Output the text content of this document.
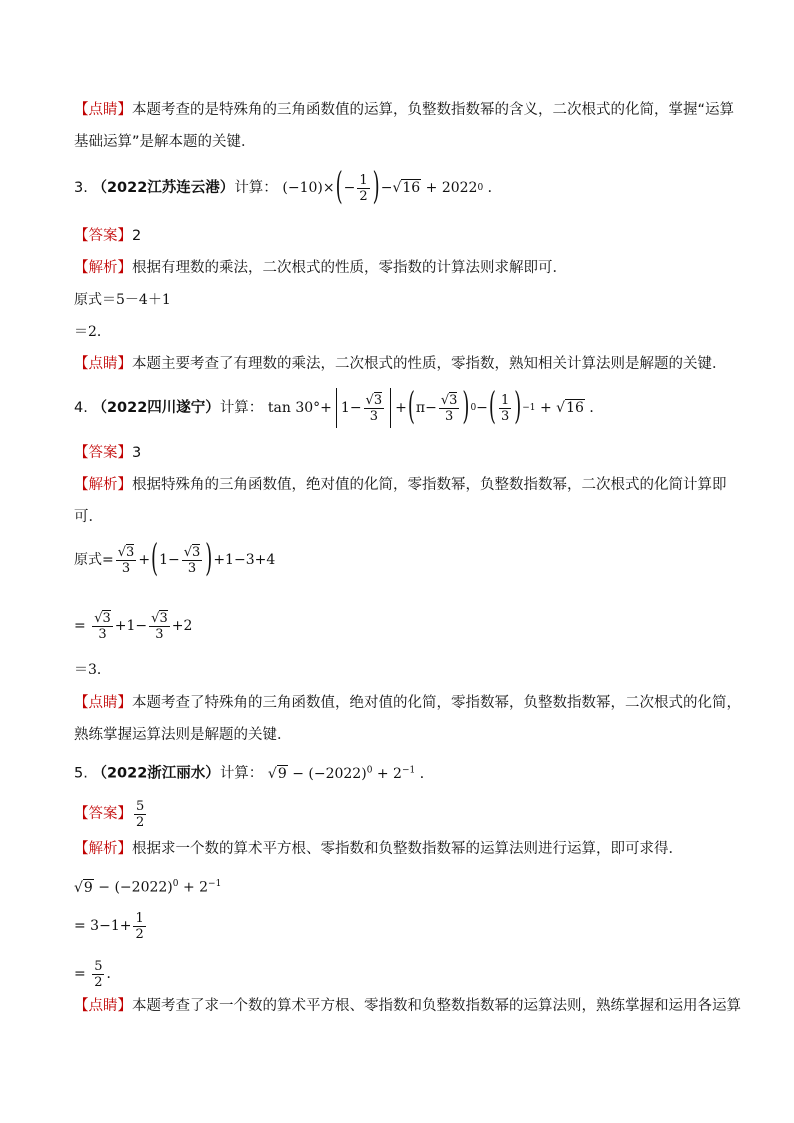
【点睛】本题考查的是特殊角的三角函数值的运算，负整数指数幂的含义，二次根式的化简，掌握“运算
基础运算”是解本题的关键．
3. （2022江苏连云港）计算： (−10)× ( − $\frac{1}{2}$ ) − √16 + 2022 0 ．
【答案】2
【解析】根据有理数的乘法，二次根式的性质，零指数的计算法则求解即可．
原式＝5－4＋1
＝2．
【点睛】本题主要考查了有理数的乘法，二次根式的性质，零指数，熟知相关计算法则是解题的关键．
4. （2022四川遂宁）计算： $\tan 30^\circ+ 1- \frac{√3}{3}$ + ( $\pi- \frac{√3}{3}$ ) 0 − ( $\frac{1}{3}$ ) −1 + √16 ．
【答案】3
【解析】根据特殊角的三角函数值，绝对值的化简，零指数幂，负整数指数幂，二次根式的化简计算即
可．
原式 = $\frac{√3}{3}$ + ( $1- \frac{√3}{3}$ ) +1−3+4
= $\frac{√3}{3} +1- \frac{√3}{3} +2$
＝3．
【点睛】本题考查了特殊角的三角函数值，绝对值的化简，零指数幂，负整数指数幂，二次根式的化简，
熟练掌握运算法则是解题的关键．
5. （2022浙江丽水）计算： $√9 - (-2022)^0 + 2^{-1}$ ．
【答案】 $\frac{5}{2}$
【解析】根据求一个数的算术平方根、零指数和负整数指数幂的运算法则进行运算，即可求得．
$√9 - (-2022)^0 + 2^{-1}$
= $3-1+ \frac{1}{2}$
= $\frac{5}{2}$ ．
【点睛】本题考查了求一个数的算术平方根、零指数和负整数指数幂的运算法则，熟练掌握和运用各运算
